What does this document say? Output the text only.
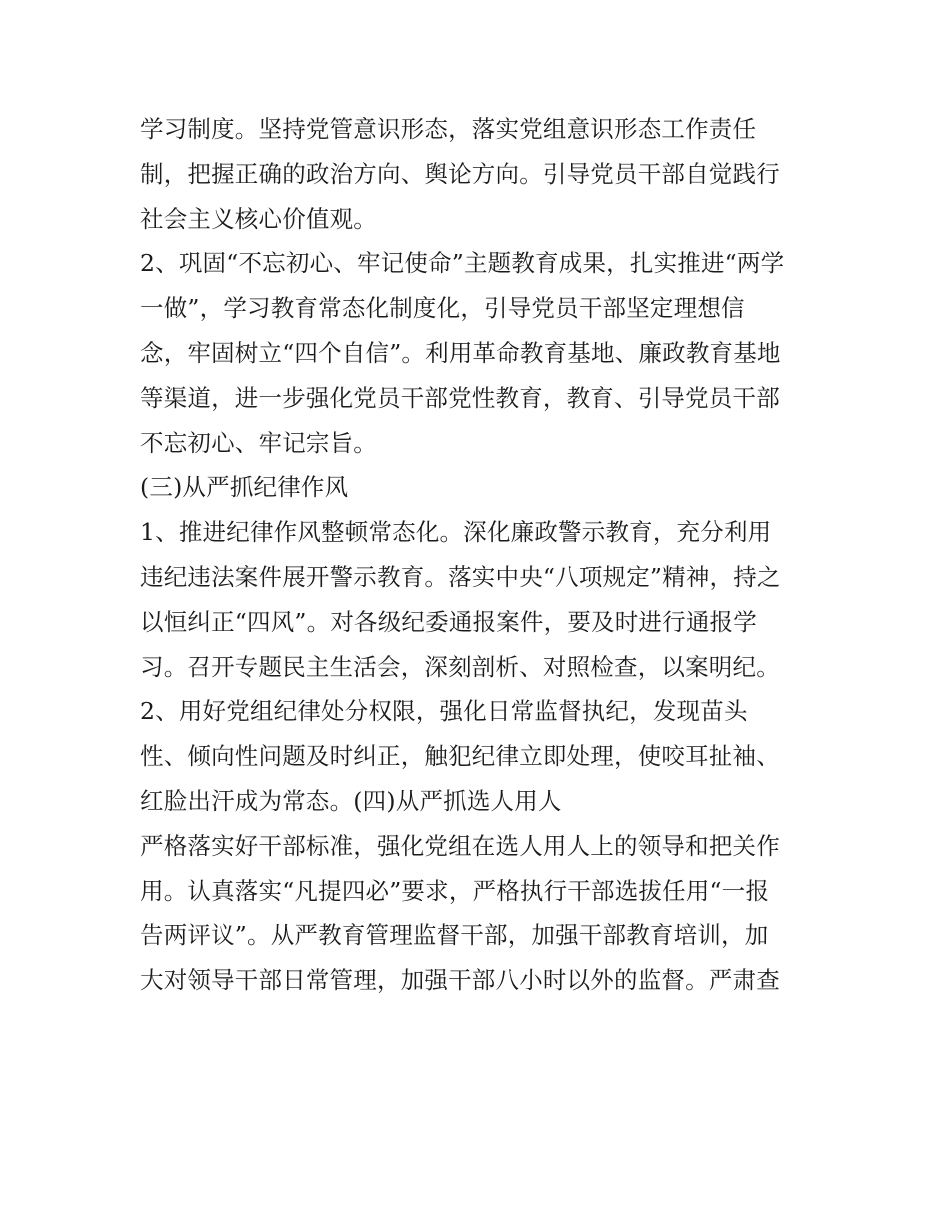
学习制度。坚持党管意识形态，落实党组意识形态工作责任
制，把握正确的政治方向、舆论方向。引导党员干部自觉践行
社会主义核心价值观。
2、巩固“不忘初心、牢记使命”主题教育成果，扎实推进“两学
一做”，学习教育常态化制度化，引导党员干部坚定理想信
念，牢固树立“四个自信”。利用革命教育基地、廉政教育基地
等渠道，进一步强化党员干部党性教育，教育、引导党员干部
不忘初心、牢记宗旨。
(三)从严抓纪律作风
1、推进纪律作风整顿常态化。深化廉政警示教育，充分利用
违纪违法案件展开警示教育。落实中央“八项规定”精神，持之
以恒纠正“四风”。对各级纪委通报案件，要及时进行通报学
习。召开专题民主生活会，深刻剖析、对照检查，以案明纪。
2、用好党组纪律处分权限，强化日常监督执纪，发现苗头
性、倾向性问题及时纠正，触犯纪律立即处理，使咬耳扯袖、
红脸出汗成为常态。(四)从严抓选人用人
严格落实好干部标准，强化党组在选人用人上的领导和把关作
用。认真落实“凡提四必”要求，严格执行干部选拔任用“一报
告两评议”。从严教育管理监督干部，加强干部教育培训，加
大对领导干部日常管理，加强干部八小时以外的监督。严肃查
